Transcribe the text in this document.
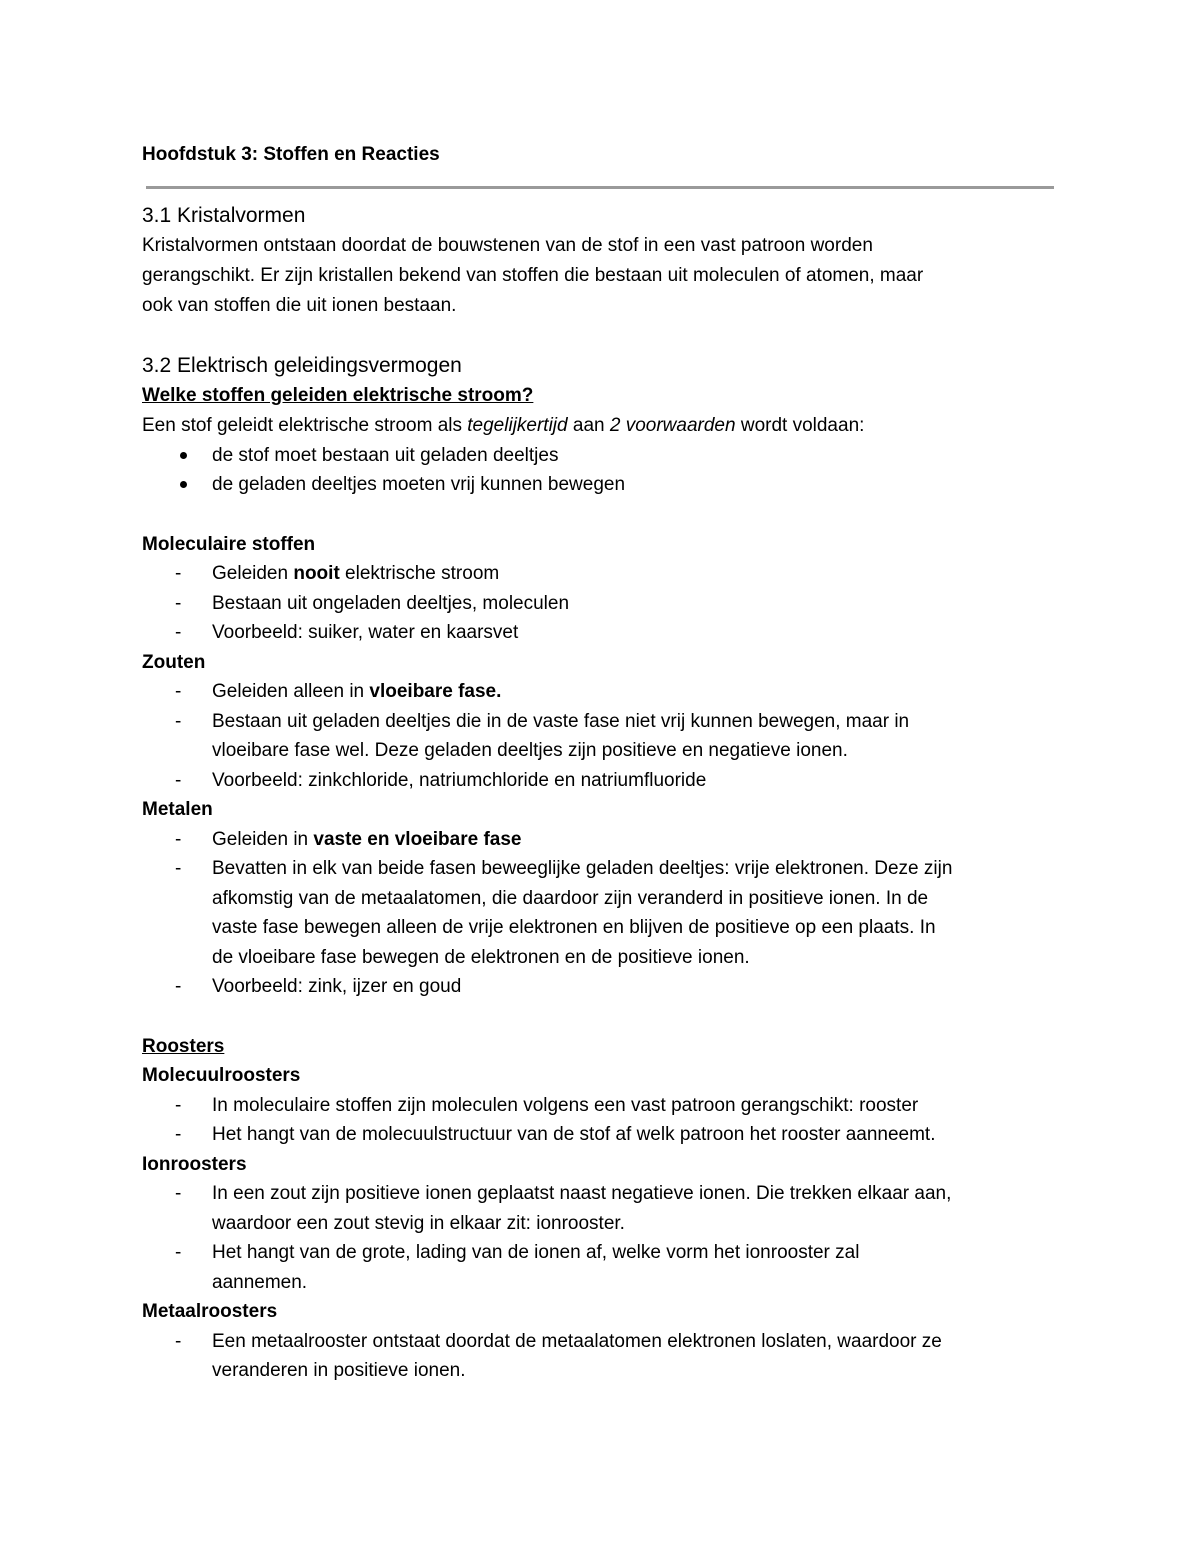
Hoofdstuk 3: Stoffen en Reacties
3.1 Kristalvormen

Kristalvormen ontstaan doordat de bouwstenen van de stof in een vast patroon worden
gerangschikt. Er zijn kristallen bekend van stoffen die bestaan uit moleculen of atomen, maar
ook van stoffen die uit ionen bestaan.

3.2 Elektrisch geleidingsvermogen
Welke stoffen geleiden elektrische stroom?

Een stof geleidt elektrische stroom als tegelijkertijd aan 2 voorwaarden wordt voldaan:

de stof moet bestaan uit geladen deeltjes
de geladen deeltjes moeten vrij kunnen bewegen
Moleculaire stoffen
- Geleiden nooit elektrische stroom
- Bestaan uit ongeladen deeltjes, moleculen
- Voorbeeld: suiker, water en kaarsvet
Zouten
- Geleiden alleen in vloeibare fase.
- Bestaan uit geladen deeltjes die in de vaste fase niet vrij kunnen bewegen, maar in
vloeibare fase wel. Deze geladen deeltjes zijn positieve en negatieve ionen.
- Voorbeeld: zinkchloride, natriumchloride en natriumfluoride
Metalen
- Geleiden in vaste en vloeibare fase
- Bevatten in elk van beide fasen beweeglijke geladen deeltjes: vrije elektronen. Deze zijn
afkomstig van de metaalatomen, die daardoor zijn veranderd in positieve ionen. In de
vaste fase bewegen alleen de vrije elektronen en blijven de positieve op een plaats. In
de vloeibare fase bewegen de elektronen en de positieve ionen.
- Voorbeeld: zink, ijzer en goud
Roosters
Molecuulroosters
- In moleculaire stoffen zijn moleculen volgens een vast patroon gerangschikt: rooster
- Het hangt van de molecuulstructuur van de stof af welk patroon het rooster aanneemt.
Ionroosters
- In een zout zijn positieve ionen geplaatst naast negatieve ionen. Die trekken elkaar aan,
waardoor een zout stevig in elkaar zit: ionrooster.
- Het hangt van de grote, lading van de ionen af, welke vorm het ionrooster zal
aannemen.
Metaalroosters
- Een metaalrooster ontstaat doordat de metaalatomen elektronen loslaten, waardoor ze
veranderen in positieve ionen.
